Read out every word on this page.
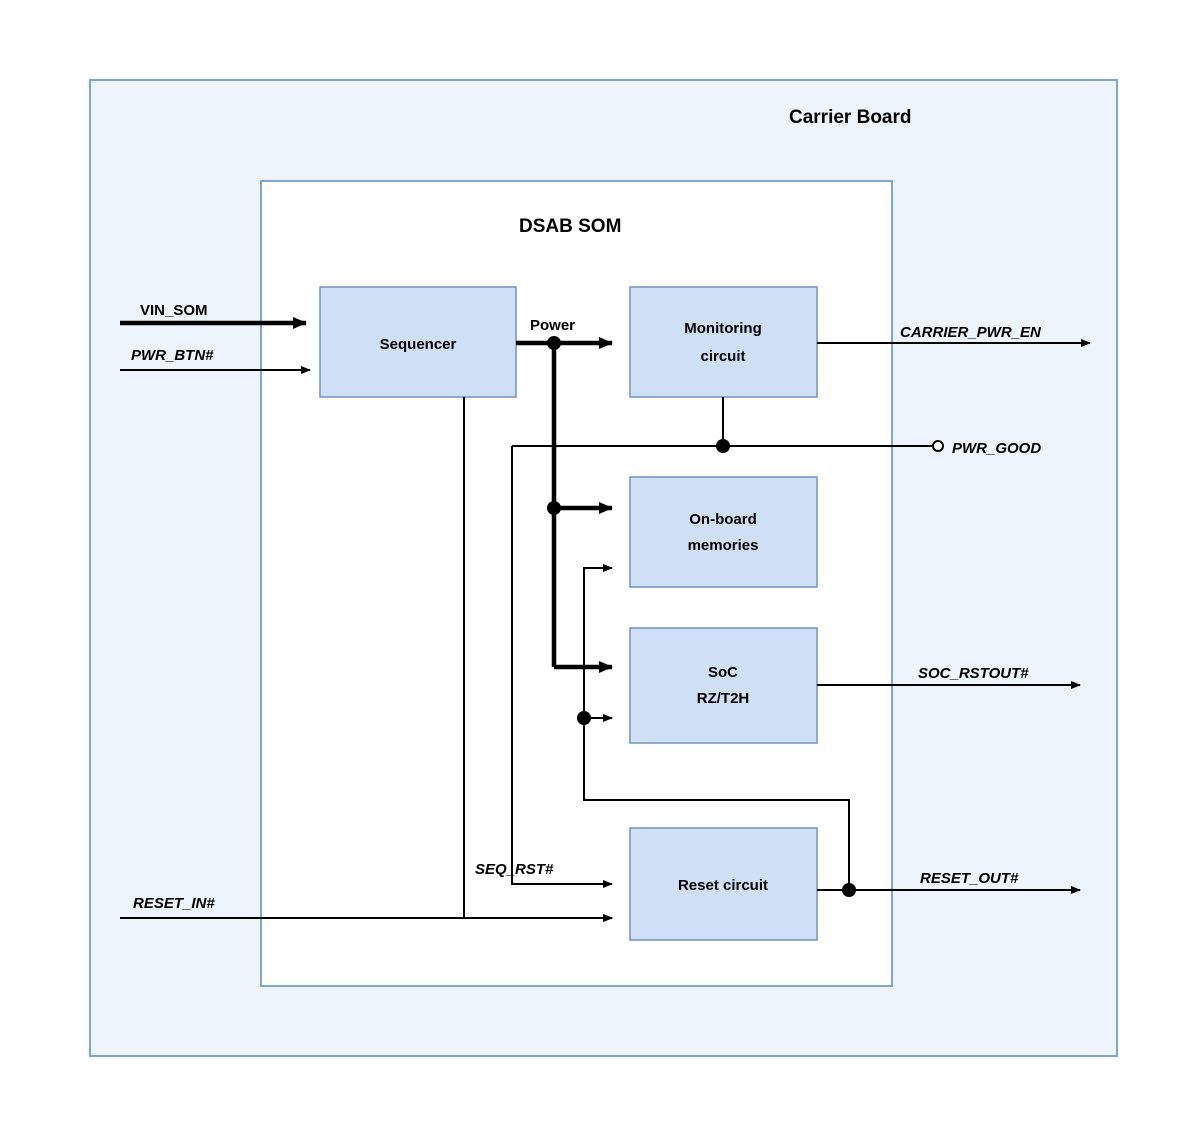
Carrier Board
DSAB SOM
Sequencer
Monitoring
circuit
On-board
memories
SoC
RZ/T2H
Reset circuit
VIN_SOM
PWR_BTN#
Power	CARRIER_PWR_EN
PWR_GOOD
SOC_RSTOUT#
SEQ_RST#
RESET_IN#
RESET_OUT#
